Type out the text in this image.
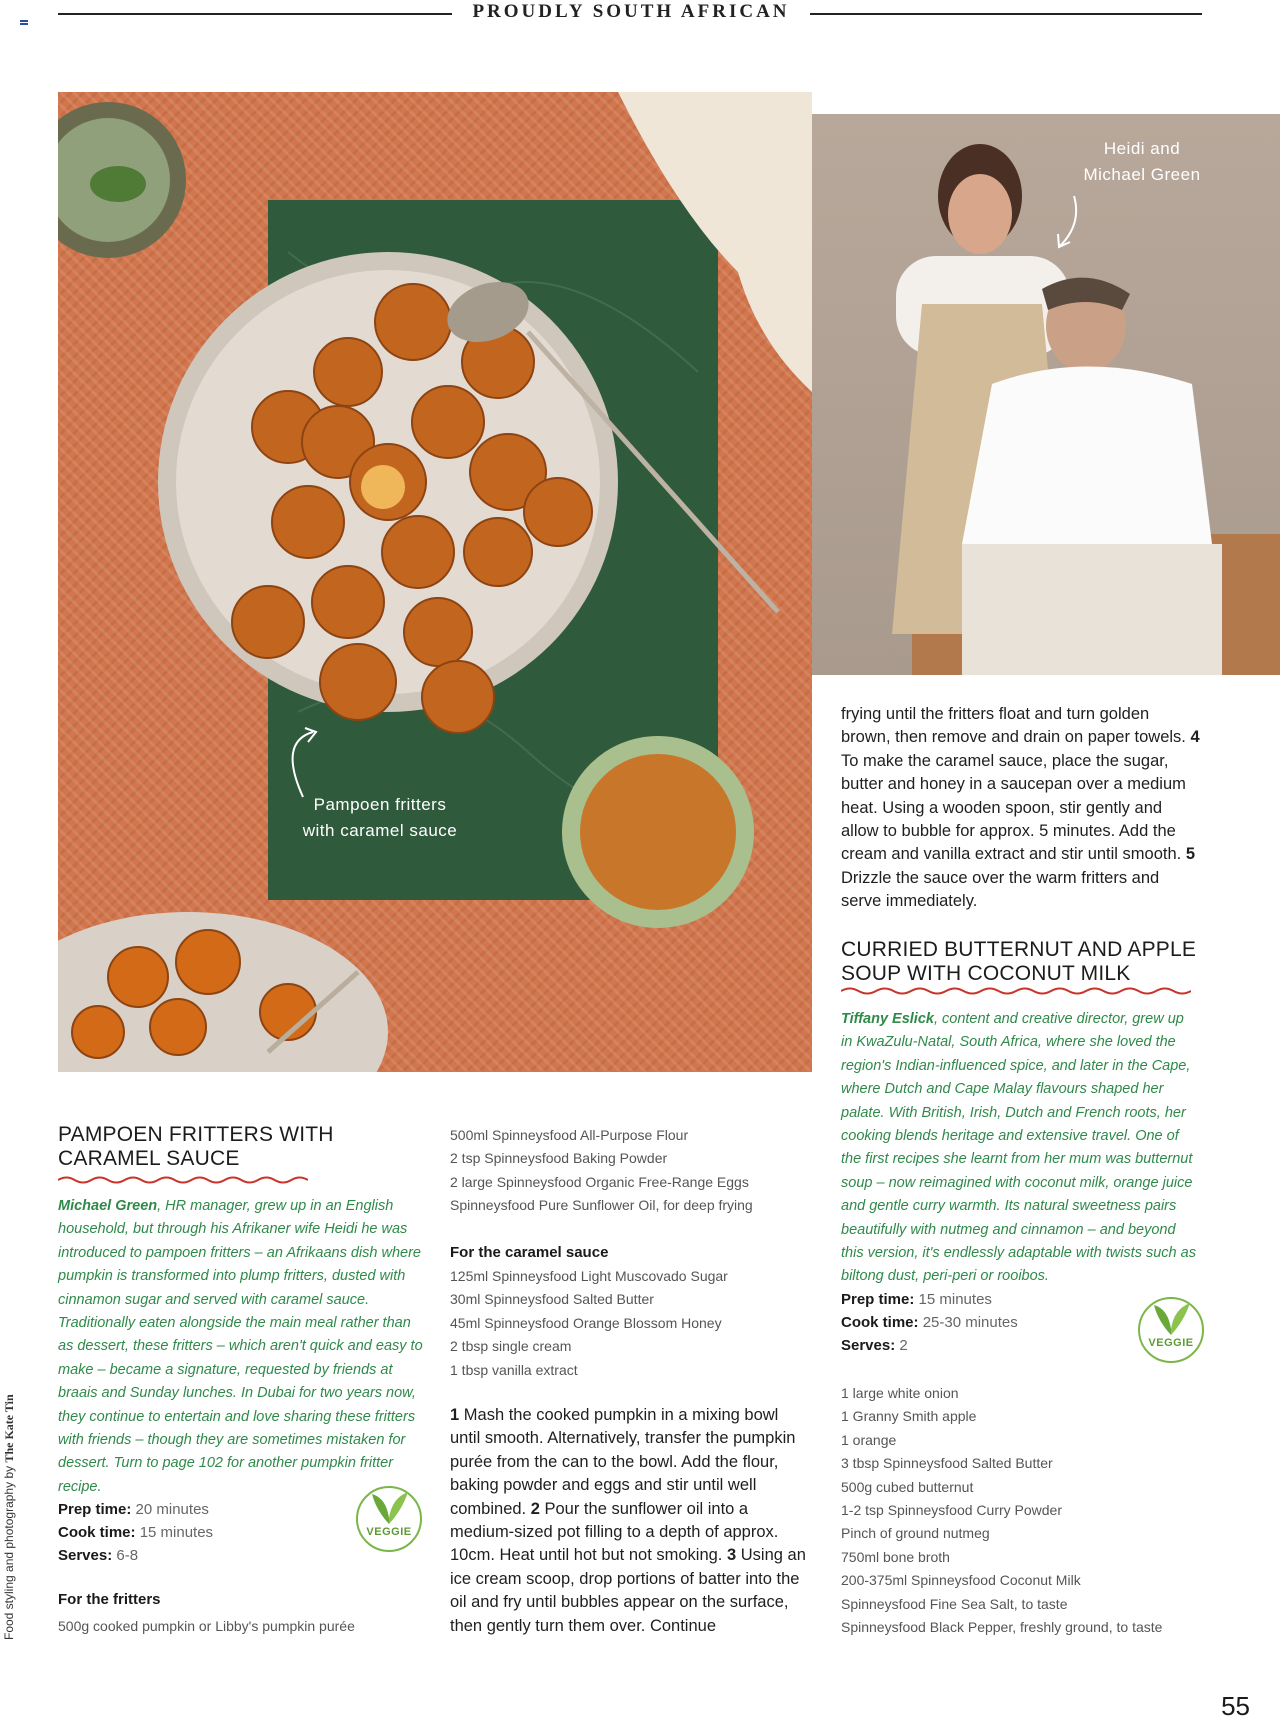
PROUDLY SOUTH AFRICAN
Pampoen fritters
with caramel sauce
Heidi and
Michael Green
frying until the fritters float and turn golden brown, then remove and drain on paper towels. 4 To make the caramel sauce, place the sugar, butter and honey in a saucepan over a medium heat. Using a wooden spoon, stir gently and allow to bubble for approx. 5 minutes. Add the cream and vanilla extract and stir until smooth. 5 Drizzle the sauce over the warm fritters and serve immediately.
CURRIED BUTTERNUT AND APPLE
SOUP WITH COCONUT MILK
Tiffany Eslick, content and creative director, grew up in KwaZulu-Natal, South Africa, where she loved the region's Indian-influenced spice, and later in the Cape, where Dutch and Cape Malay flavours shaped her palate. With British, Irish, Dutch and French roots, her cooking blends heritage and extensive travel. One of the first recipes she learnt from her mum was butternut soup – now reimagined with coconut milk, orange juice and gentle curry warmth. Its natural sweetness pairs beautifully with nutmeg and cinnamon – and beyond this version, it's endlessly adaptable with twists such as biltong dust, peri-peri or rooibos.
Prep time: 15 minutes
Cook time: 25-30 minutes
Serves: 2	VEGGIE
1 large white onion
1 Granny Smith apple
1 orange
3 tbsp Spinneysfood Salted Butter
500g cubed butternut
1-2 tsp Spinneysfood Curry Powder
Pinch of ground nutmeg
750ml bone broth
200-375ml Spinneysfood Coconut Milk
Spinneysfood Fine Sea Salt, to taste
Spinneysfood Black Pepper, freshly ground, to taste
PAMPOEN FRITTERS WITH
CARAMEL SAUCE
Michael Green, HR manager, grew up in an English household, but through his Afrikaner wife Heidi he was introduced to pampoen fritters – an Afrikaans dish where pumpkin is transformed into plump fritters, dusted with cinnamon sugar and served with caramel sauce. Traditionally eaten alongside the main meal rather than as dessert, these fritters – which aren't quick and easy to make – became a signature, requested by friends at braais and Sunday lunches. In Dubai for two years now, they continue to entertain and love sharing these fritters with friends – though they are sometimes mistaken for dessert. Turn to page 102 for another pumpkin fritter recipe.
Prep time: 20 minutes
Cook time: 15 minutes
Serves: 6-8
VEGGIE
For the fritters
500g cooked pumpkin or Libby's pumpkin purée
500ml Spinneysfood All-Purpose Flour
2 tsp Spinneysfood Baking Powder
2 large Spinneysfood Organic Free-Range Eggs
Spinneysfood Pure Sunflower Oil, for deep frying
For the caramel sauce
125ml Spinneysfood Light Muscovado Sugar
30ml Spinneysfood Salted Butter
45ml Spinneysfood Orange Blossom Honey
2 tbsp single cream
1 tbsp vanilla extract
1 Mash the cooked pumpkin in a mixing bowl until smooth. Alternatively, transfer the pumpkin purée from the can to the bowl. Add the flour, baking powder and eggs and stir until well combined. 2 Pour the sunflower oil into a medium-sized pot filling to a depth of approx. 10cm. Heat until hot but not smoking. 3 Using an ice cream scoop, drop portions of batter into the oil and fry until bubbles appear on the surface, then gently turn them over. Continue
Food styling and photography by The Kate Tin
55
